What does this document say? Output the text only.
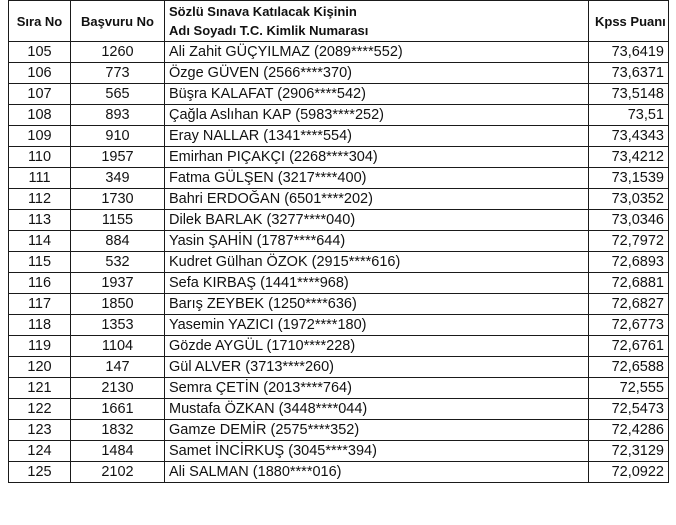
Sıra No	Başvuru No	Sözlü Sınava Katılacak Kişinin
Adı Soyadı T.C. Kimlik Numarası	Kpss Puanı
105	1260	Ali Zahit GÜÇYILMAZ (2089****552)	73,6419
106	773	Özge GÜVEN (2566****370)	73,6371
107	565	Büşra KALAFAT (2906****542)	73,5148
108	893	Çağla Aslıhan KAP (5983****252)	73,51
109	910	Eray NALLAR (1341****554)	73,4343
110	1957	Emirhan PIÇAKÇI (2268****304)	73,4212
111	349	Fatma GÜLŞEN (3217****400)	73,1539
112	1730	Bahri ERDOĞAN (6501****202)	73,0352
113	1155	Dilek BARLAK (3277****040)	73,0346
114	884	Yasin ŞAHİN (1787****644)	72,7972
115	532	Kudret Gülhan ÖZOK (2915****616)	72,6893
116	1937	Sefa KIRBAŞ (1441****968)	72,6881
117	1850	Barış ZEYBEK (1250****636)	72,6827
118	1353	Yasemin YAZICI (1972****180)	72,6773
119	1104	Gözde AYGÜL (1710****228)	72,6761
120	147	Gül ALVER (3713****260)	72,6588
121	2130	Semra ÇETİN (2013****764)	72,555
122	1661	Mustafa ÖZKAN (3448****044)	72,5473
123	1832	Gamze DEMİR (2575****352)	72,4286
124	1484	Samet İNCİRKUŞ (3045****394)	72,3129
125	2102	Ali SALMAN (1880****016)	72,0922
